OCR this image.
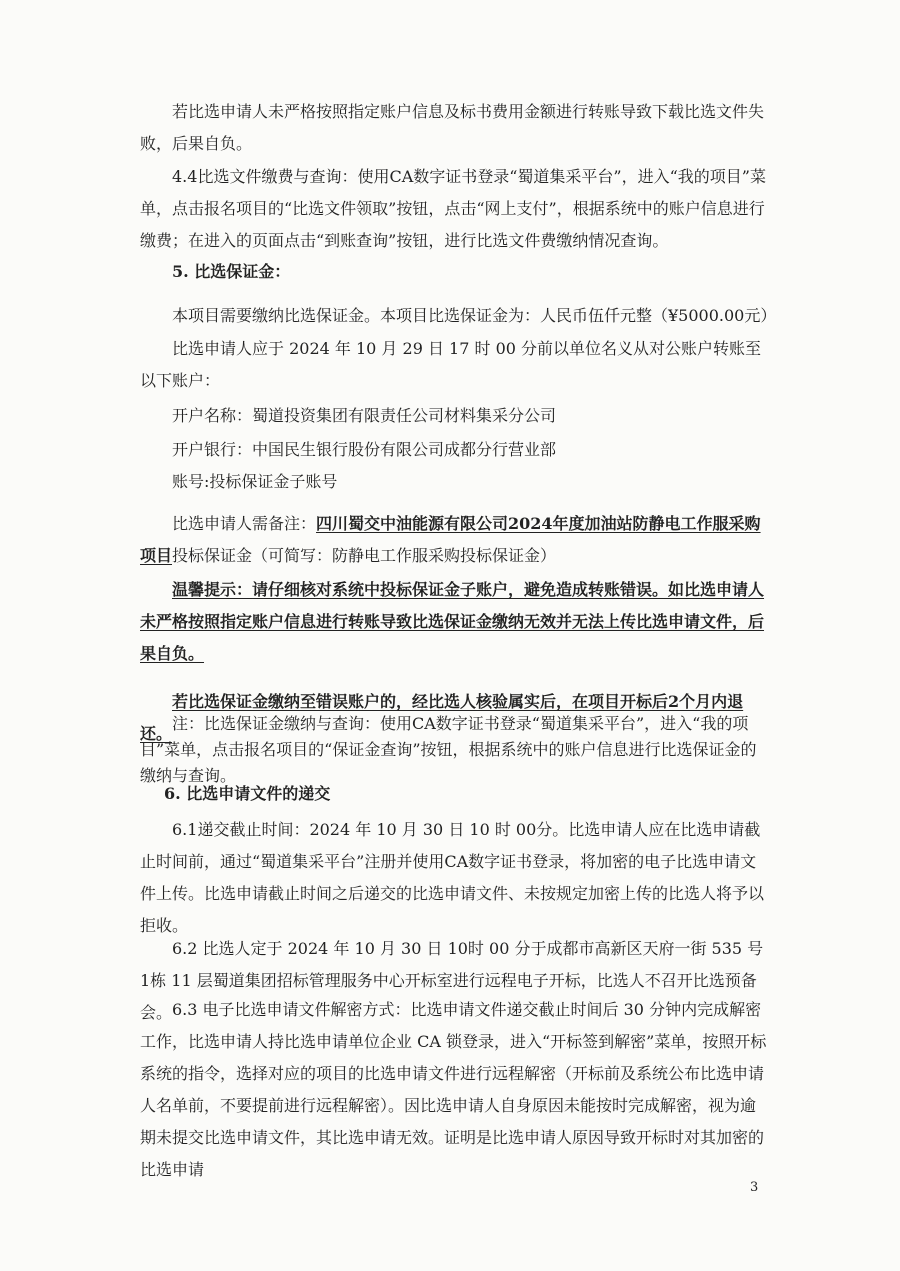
若比选申请人未严格按照指定账户信息及标书费用金额进行转账导致下载比选文件失败，后果自负。

4.4比选文件缴费与查询：使用CA数字证书登录“蜀道集采平台”，进入“我的项目”菜单，点击报名项目的“比选文件领取”按钮，点击“网上支付”，根据系统中的账户信息进行缴费；在进入的页面点击“到账查询”按钮，进行比选文件费缴纳情况查询。

5. 比选保证金：

本项目需要缴纳比选保证金。本项目比选保证金为：人民币伍仟元整（¥5000.00元）

比选申请人应于 2024 年 10 月 29 日 17 时 00 分前以单位名义从对公账户转账至以下账户：

开户名称：蜀道投资集团有限责任公司材料集采分公司

开户银行：中国民生银行股份有限公司成都分行营业部

账号:投标保证金子账号

比选申请人需备注：四川蜀交中油能源有限公司2024年度加油站防静电工作服采购项目投标保证金（可简写：防静电工作服采购投标保证金）

温馨提示：请仔细核对系统中投标保证金子账户，避免造成转账错误。如比选申请人未严格按照指定账户信息进行转账导致比选保证金缴纳无效并无法上传比选申请文件，后果自负。

若比选保证金缴纳至错误账户的，经比选人核验属实后，在项目开标后2个月内退还。

注：比选保证金缴纳与查询：使用CA数字证书登录“蜀道集采平台”，进入“我的项目”菜单，点击报名项目的“保证金查询”按钮，根据系统中的账户信息进行比选保证金的缴纳与查询。

6. 比选申请文件的递交

6.1递交截止时间：2024 年 10 月 30 日 10 时 00分。比选申请人应在比选申请截止时间前，通过“蜀道集采平台”注册并使用CA数字证书登录，将加密的电子比选申请文件上传。比选申请截止时间之后递交的比选申请文件、未按规定加密上传的比选人将予以拒收。

6.2 比选人定于 2024 年 10 月 30 日 10时 00 分于成都市高新区天府一街 535 号 1栋 11 层蜀道集团招标管理服务中心开标室进行远程电子开标，比选人不召开比选预备会。 6.3 电子比选申请文件解密方式：比选申请文件递交截止时间后 30 分钟内完成解密工作，比选申请人持比选申请单位企业 CA 锁登录，进入“开标签到解密”菜单，按照开标系统的指令，选择对应的项目的比选申请文件进行远程解密（开标前及系统公布比选申请人名单前，不要提前进行远程解密）。因比选申请人自身原因未能按时完成解密，视为逾期未提交比选申请文件，其比选申请无效。证明是比选申请人原因导致开标时对其加密的比选申请

3
